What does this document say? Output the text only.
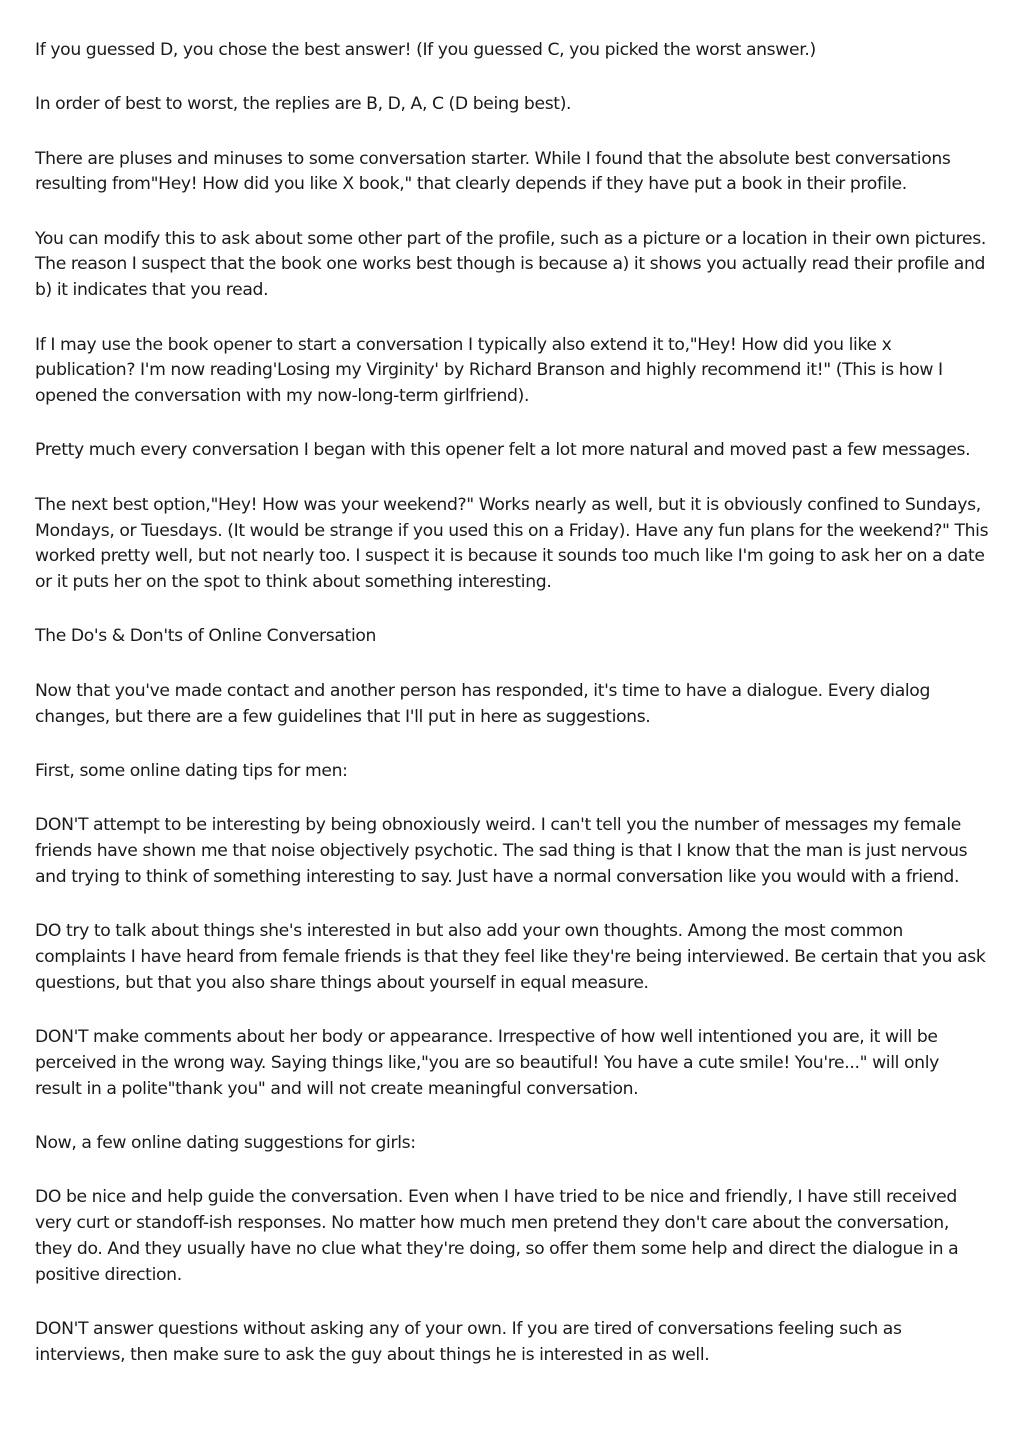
If you guessed D, you chose the best answer! (If you guessed C, you picked the worst answer.)

In order of best to worst, the replies are B, D, A, C (D being best).

There are pluses and minuses to some conversation starter. While I found that the absolute best conversations resulting from"Hey! How did you like X book," that clearly depends if they have put a book in their profile.

You can modify this to ask about some other part of the profile, such as a picture or a location in their own pictures. The reason I suspect that the book one works best though is because a) it shows you actually read their profile and b) it indicates that you read.

If I may use the book opener to start a conversation I typically also extend it to,"Hey! How did you like x publication? I'm now reading'Losing my Virginity' by Richard Branson and highly recommend it!" (This is how I opened the conversation with my now-long-term girlfriend).

Pretty much every conversation I began with this opener felt a lot more natural and moved past a few messages.

The next best option,"Hey! How was your weekend?" Works nearly as well, but it is obviously confined to Sundays, Mondays, or Tuesdays. (It would be strange if you used this on a Friday). Have any fun plans for the weekend?" This worked pretty well, but not nearly too. I suspect it is because it sounds too much like I'm going to ask her on a date or it puts her on the spot to think about something interesting.

The Do's & Don'ts of Online Conversation

Now that you've made contact and another person has responded, it's time to have a dialogue. Every dialog changes, but there are a few guidelines that I'll put in here as suggestions.

First, some online dating tips for men:

DON'T attempt to be interesting by being obnoxiously weird. I can't tell you the number of messages my female friends have shown me that noise objectively psychotic. The sad thing is that I know that the man is just nervous and trying to think of something interesting to say. Just have a normal conversation like you would with a friend.

DO try to talk about things she's interested in but also add your own thoughts. Among the most common complaints I have heard from female friends is that they feel like they're being interviewed. Be certain that you ask questions, but that you also share things about yourself in equal measure.

DON'T make comments about her body or appearance. Irrespective of how well intentioned you are, it will be perceived in the wrong way. Saying things like,"you are so beautiful! You have a cute smile! You're..." will only result in a polite"thank you" and will not create meaningful conversation.

Now, a few online dating suggestions for girls:

DO be nice and help guide the conversation. Even when I have tried to be nice and friendly, I have still received very curt or standoff-ish responses. No matter how much men pretend they don't care about the conversation, they do. And they usually have no clue what they're doing, so offer them some help and direct the dialogue in a positive direction.

DON'T answer questions without asking any of your own. If you are tired of conversations feeling such as interviews, then make sure to ask the guy about things he is interested in as well.
